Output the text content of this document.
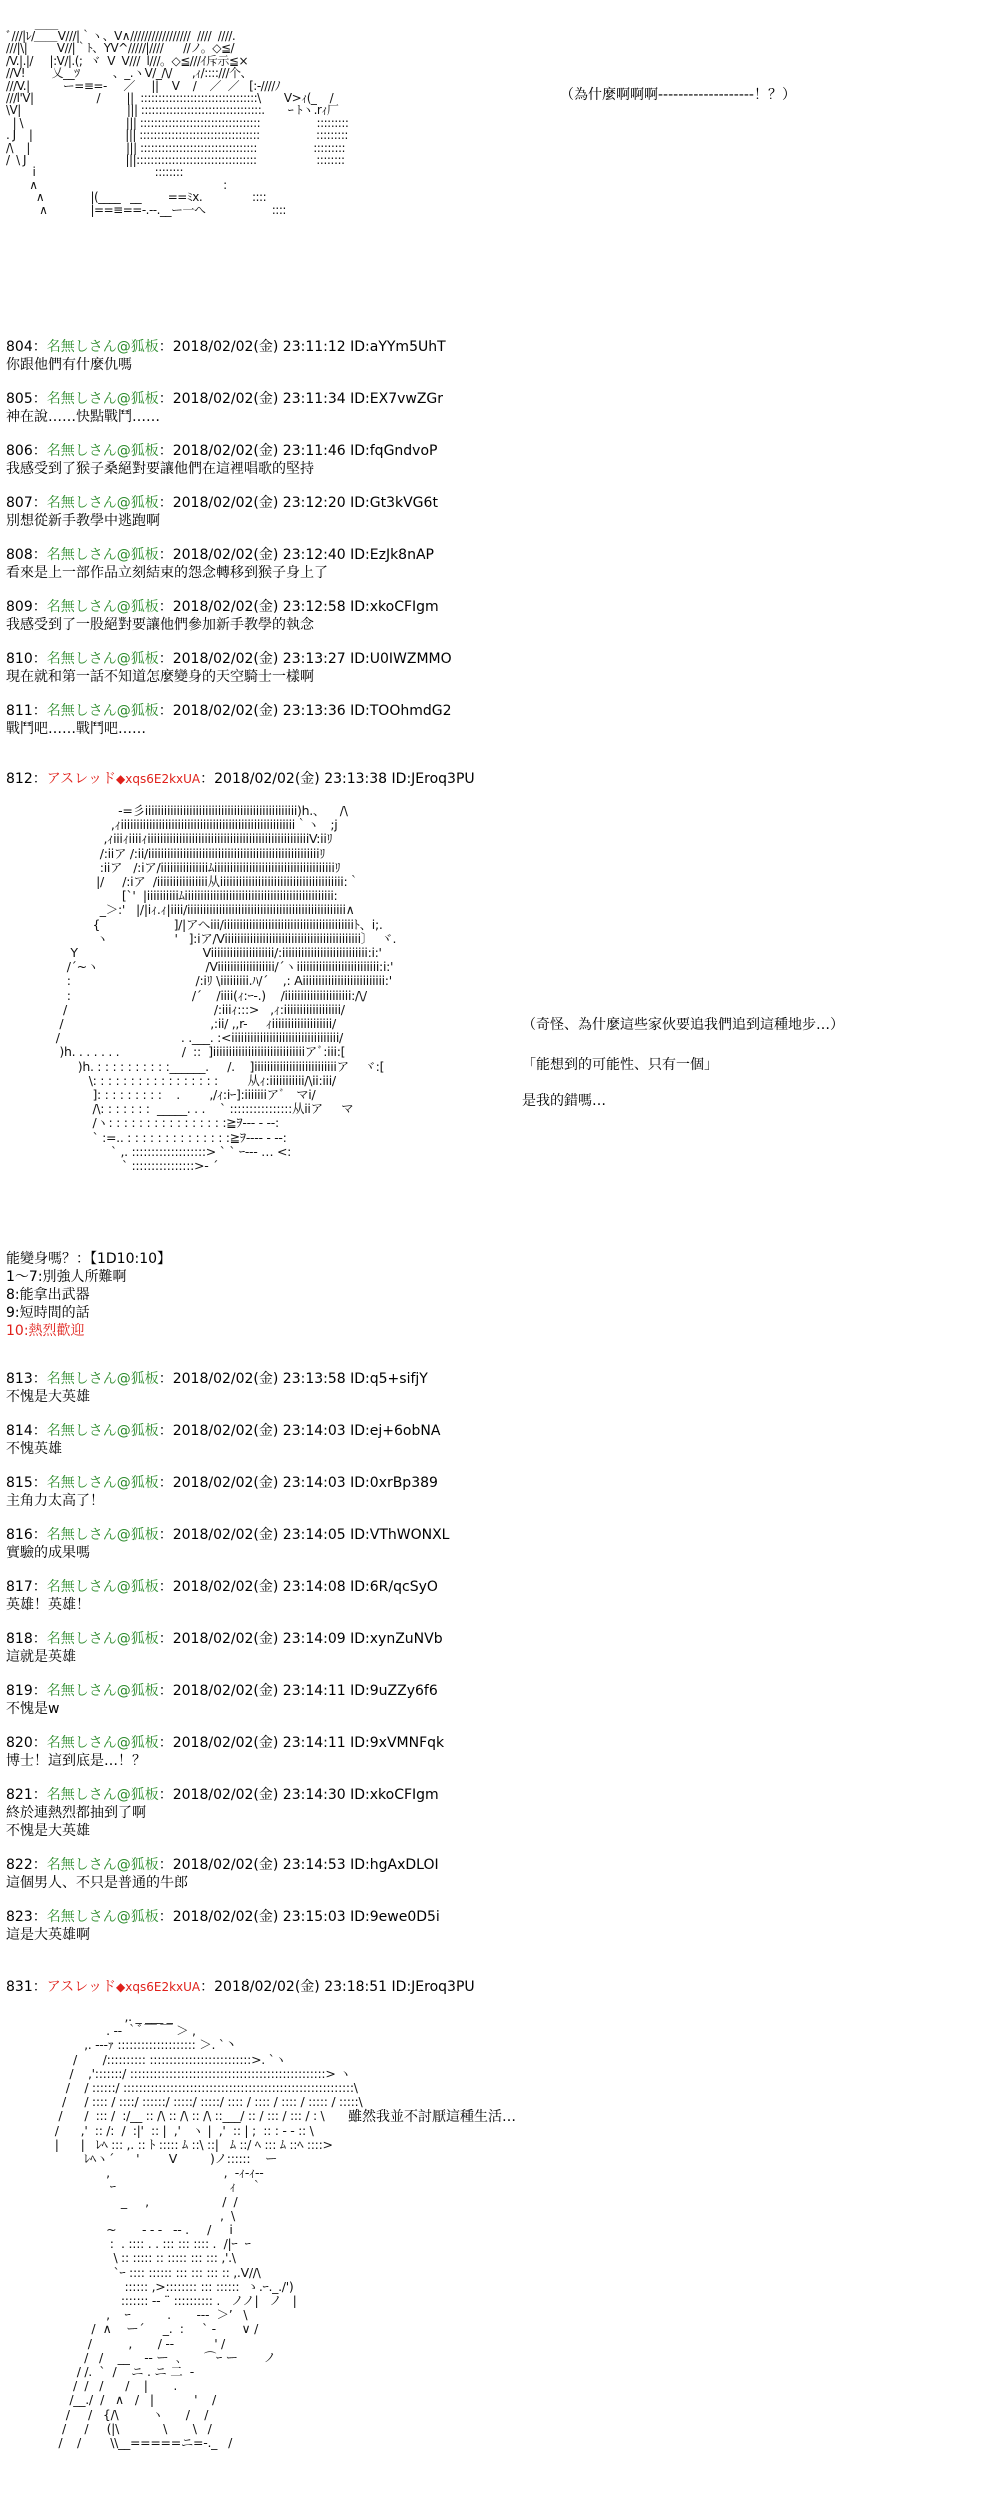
ﾞ///|ﾚ/￣￣V///|｀ヽ、V∧/////////////////  ////  ////.
///|\|  ￣￣V//|｀ﾄ、YV^/////|////      //ノ。◇≦/
/V.|.|/     |:V/|.(;  ヾ  V  V///  l///。◇≦///ｲ斥示≦×
//V!        乂__ﾂ          、_.ヽV/_/\/      ,ｨ/::::///个、
///V.|          ー=≡=-     ／     ||    V    /    ／  ／   [:-////ﾉ
///l'V|                   /        ||  :::::::::::::::::::::::::::::::::\       V>ｨ(_    /
\Ⅴ|                                ||| ::::::::::::::::::::::::::::::::::.       ｰ ﾄヽ.rｨ厂
| \                               ||| ::::::::::::::::::::::::::::::::::                 :::::::::
. J    |                            ||| ::::::::::::::::::::::::::::::::::                 :::::::::
/\    |                             ||| :::::::::::::::::::::::::::::::::                 :::::::::
/  \ J                              |||::::::::::::::::::::::::::::::::::                  ::::::::
i                                    ::::::::
∧                                                        :
∧              |(____   __        ==ﾐx.               ::::
∧             |==≡==-.--.__ー一へ                    ::::
（為什麼啊啊啊-------------------！？）
804：名無しさん@狐板：2018/02/02(金) 23:11:12 ID:aYYm5UhT
你跟他們有什麼仇嗎
805：名無しさん@狐板：2018/02/02(金) 23:11:34 ID:EX7vwZGr
神在說……快點戰鬥……
806：名無しさん@狐板：2018/02/02(金) 23:11:46 ID:fqGndvoP
我感受到了猴子桑絕對要讓他們在這裡唱歌的堅持
807：名無しさん@狐板：2018/02/02(金) 23:12:20 ID:Gt3kVG6t
別想從新手教學中逃跑啊
808：名無しさん@狐板：2018/02/02(金) 23:12:40 ID:EzJk8nAP
看來是上一部作品立刻結束的怨念轉移到猴子身上了
809：名無しさん@狐板：2018/02/02(金) 23:12:58 ID:xkoCFIgm
我感受到了一股絕對要讓他們參加新手教學的執念
810：名無しさん@狐板：2018/02/02(金) 23:13:27 ID:U0IWZMMO
現在就和第一話不知道怎麼變身的天空騎士一樣啊
811：名無しさん@狐板：2018/02/02(金) 23:13:36 ID:TOOhmdG2
戰鬥吧……戰鬥吧……
812：アスレッド◆xqs6E2kxUA：2018/02/02(金) 23:13:38 ID:JEroq3PU
-=彡iiiiiiiiiiiiiiiiiiiiiiiiiiiiiiiiiiiiiiiiiiiiiiii)h.、    /\
,ｨiiiiiiiiiiiiiiiiiiiiiiiiiiiiiiiiiiiiiiiiiiiiiiiiiiiiiii｀ヽ   ;j
,ｨiiiｨiiiiｨiiiiiiiiiiiiiiiiiiiiiiiiiiiiiiiiiiiiiiiiiiiiiiiiiiiV:iiﾘ
/:iiア /:ii/iiiiiiiiiiiiiiiiiiiiiiiiiiiiiiiiiiiiiiiiiiiiiiiiiiiiiiﾘ
:iiア   /:iア/iiiiiiiiiiiiiiiﾑiiiiiiiiiiiiiiiiiiiiiiiiiiiiiiiiiiiiiiﾘ
|/     /:iア  /iiiiiiiiiiiiiiii从iiiiiiiiiiiiiiiiiiiiiiiiiiiiiiiiiiiiiii:｀
[`'  |iiiiiiiiiiﾑiiiiiiiiiiiiiiiiiiiiiiiiiiiiiiiiiiiiiiiiiiiiiii:
_＞:'   |/|iｨ.ｨ|iiii/iiiiiiiiiiiiiiiiiiiiiiiiiiiiiiiiiiiiiiiiiiiiiiiiii∧
{                    ]/|アへiii/iiiiiiiiiiiiiiiiiiiiiiiiiiiiiiiiiiiiiiiiiﾄ、i;.
ヽ                  '   ]:iア/Viiiiiiiiiiiiiiiiiiiiiiiiiiiiiiiiiiiiiiiiiii〕  ヾ.
Y                                  Viiiiiiiiiiiiiiiiiiii/:iiiiiiiiiiiiiiiiiiiiiiiiiii:i:'
/´~ヽ                             /Viiiiiiiiiiiiiiiiii/´ヽiiiiiiiiiiiiiiiiiiiiiiiiii:i:'
:                                  /:iﾘ \iiiiiiiii.ﾊ/´    ,: Aiiiiiiiiiiiiiiiiiiiiiiiiii:'
:                                 /´    /iiii(ｨ:ｰ-.)    /iiiiiiiiiiiiiiiiiiiii:/\/
/                                        /:iiiｨ:::>   ,ｨ:iiiiiiiiiiiiiiiiii/
/                                        ,:ii/ ,,r-     ｨiiiiiiiiiiiiiiiiiii/
/                                 . .___. :<iiiiiiiiiiiiiiiiiiiiiiiiiiiiiiiiii/
)h. . . . . . .                 /  ::  ]iiiiiiiiiiiiiiiiiiiiiiiiiiiiiアﾞ:iii:[
)h. : : : : : : : : : :______.     /.    ]iiiiiiiiiiiiiiiiiiiiiiiiiiア    ヾ:[
\: : : : : : : : : : : : : : : : :        从ｨ:iiiiiiiiiii/\ii:iii/
]: : : : : : : : :    .        ,/ｨ:iｰ]:iiiiiiiアﾞ   マi/
/\: : : : : : :  _____. . .    ` ::::::::::::::::从iiア     マ
/ヽ: : : : : : : : : : : : : : : :≧ｦ‐‐- - --:
` :=.. : : : : : : : : : : : : : :≧ｦ‐‐‐- - --:
` ,. :::::::::::::::::::> ` ` ｰ‐‐‐ … <:
` ::::::::::::::::>‐ ´
（奇怪、為什麼這些家伙要追我們追到這種地步…）
「能想到的可能性、只有一個」
是我的錯嗎…
能變身嗎？：【1D10:10】
1～7:別強人所難啊
8:能拿出武器
9:短時間的話
10:熱烈歡迎
813：名無しさん@狐板：2018/02/02(金) 23:13:58 ID:q5+sifjY
不愧是大英雄
814：名無しさん@狐板：2018/02/02(金) 23:14:03 ID:ej+6obNA
不愧英雄
815：名無しさん@狐板：2018/02/02(金) 23:14:03 ID:0xrBp389
主角力太高了！
816：名無しさん@狐板：2018/02/02(金) 23:14:05 ID:VThWONXL
實驗的成果嗎
817：名無しさん@狐板：2018/02/02(金) 23:14:08 ID:6R/qcSyO
英雄！英雄！
818：名無しさん@狐板：2018/02/02(金) 23:14:09 ID:xynZuNVb
這就是英雄
819：名無しさん@狐板：2018/02/02(金) 23:14:11 ID:9uZZy6f6
不愧是w
820：名無しさん@狐板：2018/02/02(金) 23:14:11 ID:9xVMNFqk
博士！這到底是…！？
821：名無しさん@狐板：2018/02/02(金) 23:14:30 ID:xkoCFIgm
終於連熱烈都抽到了啊
不愧是大英雄
822：名無しさん@狐板：2018/02/02(金) 23:14:53 ID:hgAxDLOI
這個男人、不只是普通的牛郎
823：名無しさん@狐板：2018/02/02(金) 23:15:03 ID:9ewe0D5i
這是大英雄啊
831：アスレッド◆xqs6E2kxUA：2018/02/02(金) 23:18:51 ID:JEroq3PU
,. _ ___ _
. -‐ ｀ ゙ ￣ ￣ ＞ ,
,. -‐-ｧ :::::::::::::::::::: ＞. `丶
/       /:::::::::: ::::::::::::::::::::::::::>. `ヽ
/    ,':::::::/ ::::::::::::::::::::::::::::::::::::::::::::::::::> ヽ
/    / ::::::/ :::::::::::::::::::::::::::::::::::::::::::::::::::::::::::\
/     / :::: / ::::/ ::::::/ :::::/ :::::/ :::: / :::: / :::: / ::::: / :::::\
/      /  ::: /  :/__ :: /\ :: /\ :: /\ ::___/ :: / ::: / ::: / : \
/      ,'  :: /:  /  :|'  :: |  ,'   ヽ |  ,'  :: | ;  :: : ‐ ‐ :: \
|      |   ﾚﾍ ::: ,. :: ﾄ ::::: ﾑ ::\ ::|   ﾑ ::/ ﾍ ::: ﾑ ::ﾍ ::::>
ﾚﾍヽ´      '        V         )ノ::::::    ー
,                               ,  -ｨ-ｨ--
ｰ                               ｨ    ｀
_     ,                    /  /
,  \
~       - ‐ -   -- .     /     i
:  . :::: . . ::: ::: :::: .  /|ｰ  ｰ
\ :: ::::: :: ::::: ::: ::: ,'.\
`ｰ :::: :::::: ::: ::: ::: :: ,.V//\
:::::: ,>:::::::: ::: ::::::  ゝ.ｰ._./')
::::::: -‐ ¨ :::::::::: .   ノノ|   ノ   |
,    ｰ          .       -‐-  ＞’   \
/  ∧    ー´     _.  :     ` ‐       ∨ /
/          ,       / -‐           ' /
/   /    __    -‐ ー  ､      ⌒ｰ ー       ノ
/ /.  `  /    ニ . ニ 二  -
/  /   /      /    |       .
/__./  /   ∧   /   |           '    /
/     /   {/\         ヽ      /    /
/     /     (|\            \       \   /
/    /        \\__=====ニ=-._   /
雖然我並不討厭這種生活…
